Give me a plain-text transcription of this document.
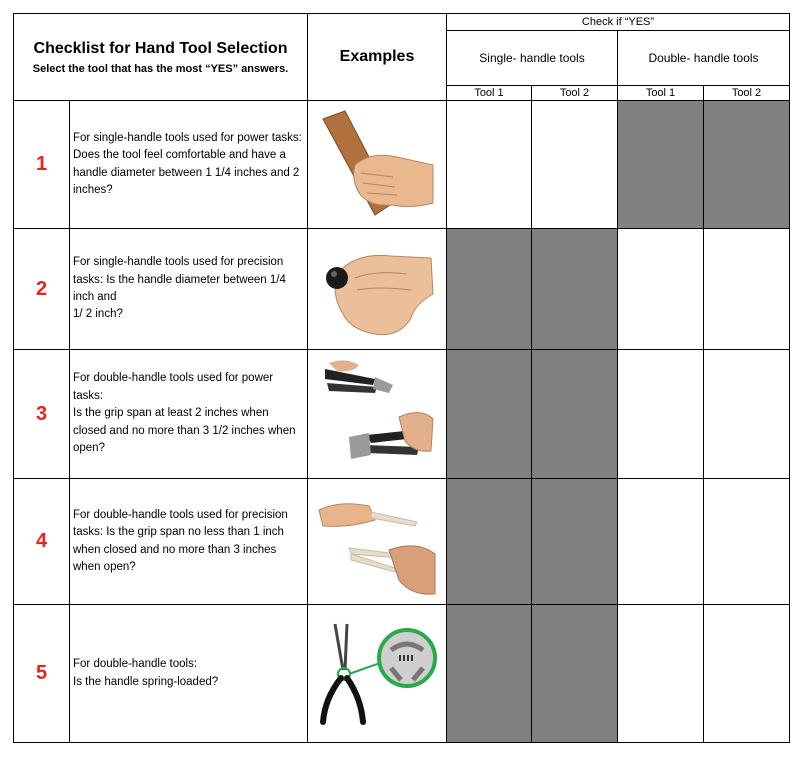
Checklist for Hand Tool Selection
Select the tool that has the most “YES” answers.		Examples	Check if “YES”			
			Single- handle tools		Double- handle tools	
			Tool 1	Tool 2	Tool 1	Tool 2
1	For single-handle tools used for power tasks:
Does the tool feel comfortable and have a handle diameter between 1 1/4 inches and 2 inches?

2	For single-handle tools used for precision tasks: Is the handle diameter between 1/4 inch and
1/ 2 inch?

3	For double-handle tools used for power tasks:
Is the grip span at least 2 inches when closed and no more than 3 1/2 inches when open?

4	For double-handle tools used for precision tasks: Is the grip span no less than 1 inch when closed and no more than 3 inches when open?

5	For double-handle tools:
Is the handle spring-loaded?
